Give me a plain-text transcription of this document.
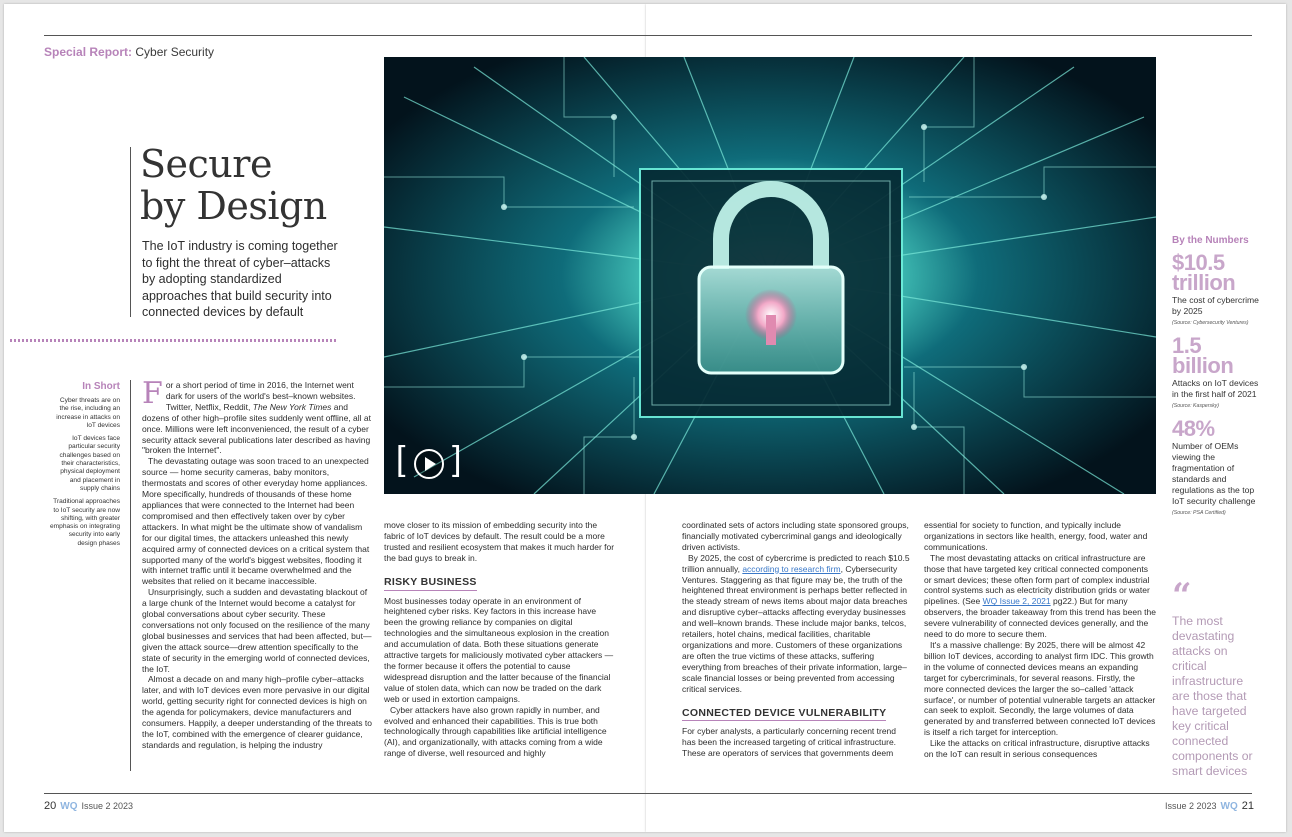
Special Report: Cyber Security
[ ]
Secure
by Design
The IoT industry is coming together to fight the threat of cyber–attacks by adopting standardized approaches that build security into connected devices by default
In Short
Cyber threats are on the rise, including an increase in attacks on IoT devices
IoT devices face particular security challenges based on their characteristics, physical deployment and placement in supply chains
Traditional approaches to IoT security are now shifting, with greater emphasis on integrating security into early design phases

For a short period of time in 2016, the Internet went dark for users of the world's best–known websites. Twitter, Netflix, Reddit, The New York Times and dozens of other high–profile sites suddenly went offline, all at once. Millions were left inconvenienced, the result of a cyber security attack several publications later described as having "broken the Internet".

The devastating outage was soon traced to an unexpected source — home security cameras, baby monitors, thermostats and scores of other everyday home appliances. More specifically, hundreds of thousands of these home appliances that were connected to the Internet had been compromised and then effectively taken over by cyber attackers. In what might be the ultimate show of vandalism for our digital times, the attackers unleashed this newly acquired army of connected devices on a critical system that supported many of the world's biggest websites, flooding it with internet traffic until it became overwhelmed and the websites that relied on it became inaccessible.

Unsurprisingly, such a sudden and devastating blackout of a large chunk of the Internet would become a catalyst for global conversations about cyber security. These conversations not only focused on the resilience of the many global businesses and services that had been affected, but—given the attack source—drew attention specifically to the state of security in the emerging world of connected devices, the IoT.

Almost a decade on and many high–profile cyber–attacks later, and with IoT devices even more pervasive in our digital world, getting security right for connected devices is high on the agenda for policymakers, device manufacturers and consumers. Happily, a deeper understanding of the threats to the IoT, combined with the emergence of clearer guidance, standards and regulation, is helping the industry

move closer to its mission of embedding security into the fabric of IoT devices by default. The result could be a more trusted and resilient ecosystem that makes it much harder for the bad guys to break in.

RISKY BUSINESS

Most businesses today operate in an environment of heightened cyber risks. Key factors in this increase have been the growing reliance by companies on digital technologies and the simultaneous explosion in the creation and accumulation of data. Both these situations generate attractive targets for maliciously motivated cyber attackers — the former because it offers the potential to cause widespread disruption and the latter because of the financial value of stolen data, which can now be traded on the dark web or used in extortion campaigns.

Cyber attackers have also grown rapidly in number, and evolved and enhanced their capabilities. This is true both technologically through capabilities like artificial intelligence (AI), and organizationally, with attacks coming from a wide range of diverse, well resourced and highly

coordinated sets of actors including state sponsored groups, financially motivated cybercriminal gangs and ideologically driven activists.

By 2025, the cost of cybercrime is predicted to reach $10.5 trillion annually, according to research firm, Cybersecurity Ventures. Staggering as that figure may be, the truth of the heightened threat environment is perhaps better reflected in the steady stream of news items about major data breaches and disruptive cyber–attacks affecting everyday businesses and well–known brands. These include major banks, telcos, retailers, hotel chains, medical facilities, charitable organizations and more. Customers of these organizations are often the true victims of these attacks, suffering everything from breaches of their private information, large–scale financial losses or being prevented from accessing critical services.

CONNECTED DEVICE VULNERABILITY

For cyber analysts, a particularly concerning recent trend has been the increased targeting of critical infrastructure. These are operators of services that governments deem

essential for society to function, and typically include organizations in sectors like health, energy, food, water and communications.

The most devastating attacks on critical infrastructure are those that have targeted key critical connected components or smart devices; these often form part of complex industrial control systems such as electricity distribution grids or water pipelines. (See WQ Issue 2, 2021 pg22.) But for many observers, the broader takeaway from this trend has been the severe vulnerability of connected devices generally, and the need to do more to secure them.

It's a massive challenge: By 2025, there will be almost 42 billion IoT devices, according to analyst firm IDC. This growth in the volume of connected devices means an expanding target for cybercriminals, for several reasons. Firstly, the more connected devices the larger the so–called 'attack surface', or number of potential vulnerable targets an attacker can seek to exploit. Secondly, the large volumes of data generated by and transferred between connected IoT devices is itself a rich target for interception.

Like the attacks on critical infrastructure, disruptive attacks on the IoT can result in serious consequences

By the Numbers
$10.5
trillion
The cost of cybercrime by 2025
(Source: Cybersecurity Ventures)
1.5
billion
Attacks on IoT devices in the first half of 2021
(Source: Kaspersky)
48%
Number of OEMs viewing the fragmentation of standards and regulations as the top IoT security challenge
(Source: PSA Certified)
“
The most devastating attacks on critical infrastructure are those that have targeted key critical connected components or smart devices
20 WQ Issue 2 2023	Issue 2 2023 WQ 21
